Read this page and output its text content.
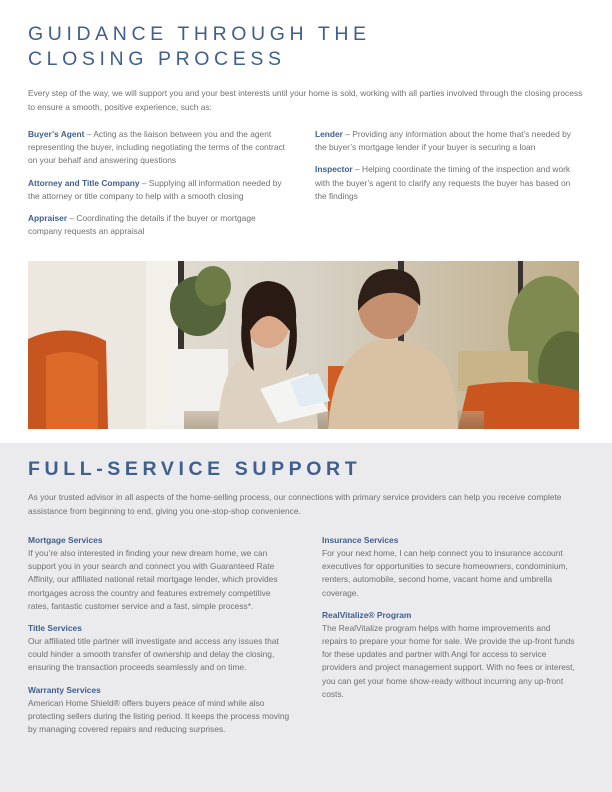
GUIDANCE THROUGH THE
CLOSING PROCESS

Every step of the way, we will support you and your best interests until your home is sold, working with all parties involved through the closing process to ensure a smooth, positive experience, such as:

Buyer’s Agent – Acting as the liaison between you and the agent representing the buyer, including negotiating the terms of the contract on your behalf and answering questions

Attorney and Title Company – Supplying all information needed by the attorney or title company to help with a smooth closing

Appraiser – Coordinating the details if the buyer or mortgage company requests an appraisal

Lender – Providing any information about the home that’s needed by the buyer’s mortgage lender if your buyer is securing a loan

Inspector – Helping coordinate the timing of the inspection and work with the buyer’s agent to clarify any requests the buyer has based on the findings

FULL-SERVICE SUPPORT

As your trusted advisor in all aspects of the home-selling process, our connections with primary service providers can help you receive complete assistance from beginning to end, giving you one-stop-shop convenience.

Mortgage Services

If you’re also interested in finding your new dream home, we can support you in your search and connect you with Guaranteed Rate Affinity, our affiliated national retail mortgage lender, which provides mortgages across the country and features extremely competitive rates, fantastic customer service and a fast, simple process*.

Title Services

Our affiliated title partner will investigate and access any issues that could hinder a smooth transfer of ownership and delay the closing, ensuring the transaction proceeds seamlessly and on time.

Warranty Services

American Home Shield® offers buyers peace of mind while also protecting sellers during the listing period. It keeps the process moving by managing covered repairs and reducing surprises.

Insurance Services

For your next home, I can help connect you to insurance account executives for opportunities to secure homeowners, condominium, renters, automobile, second home, vacant home and umbrella coverage.

RealVitalize® Program

The RealVitalize program helps with home improvements and repairs to prepare your home for sale. We provide the up-front funds for these updates and partner with Angi for access to service providers and project management support. With no fees or interest, you can get your home show-ready without incurring any up-front costs.
